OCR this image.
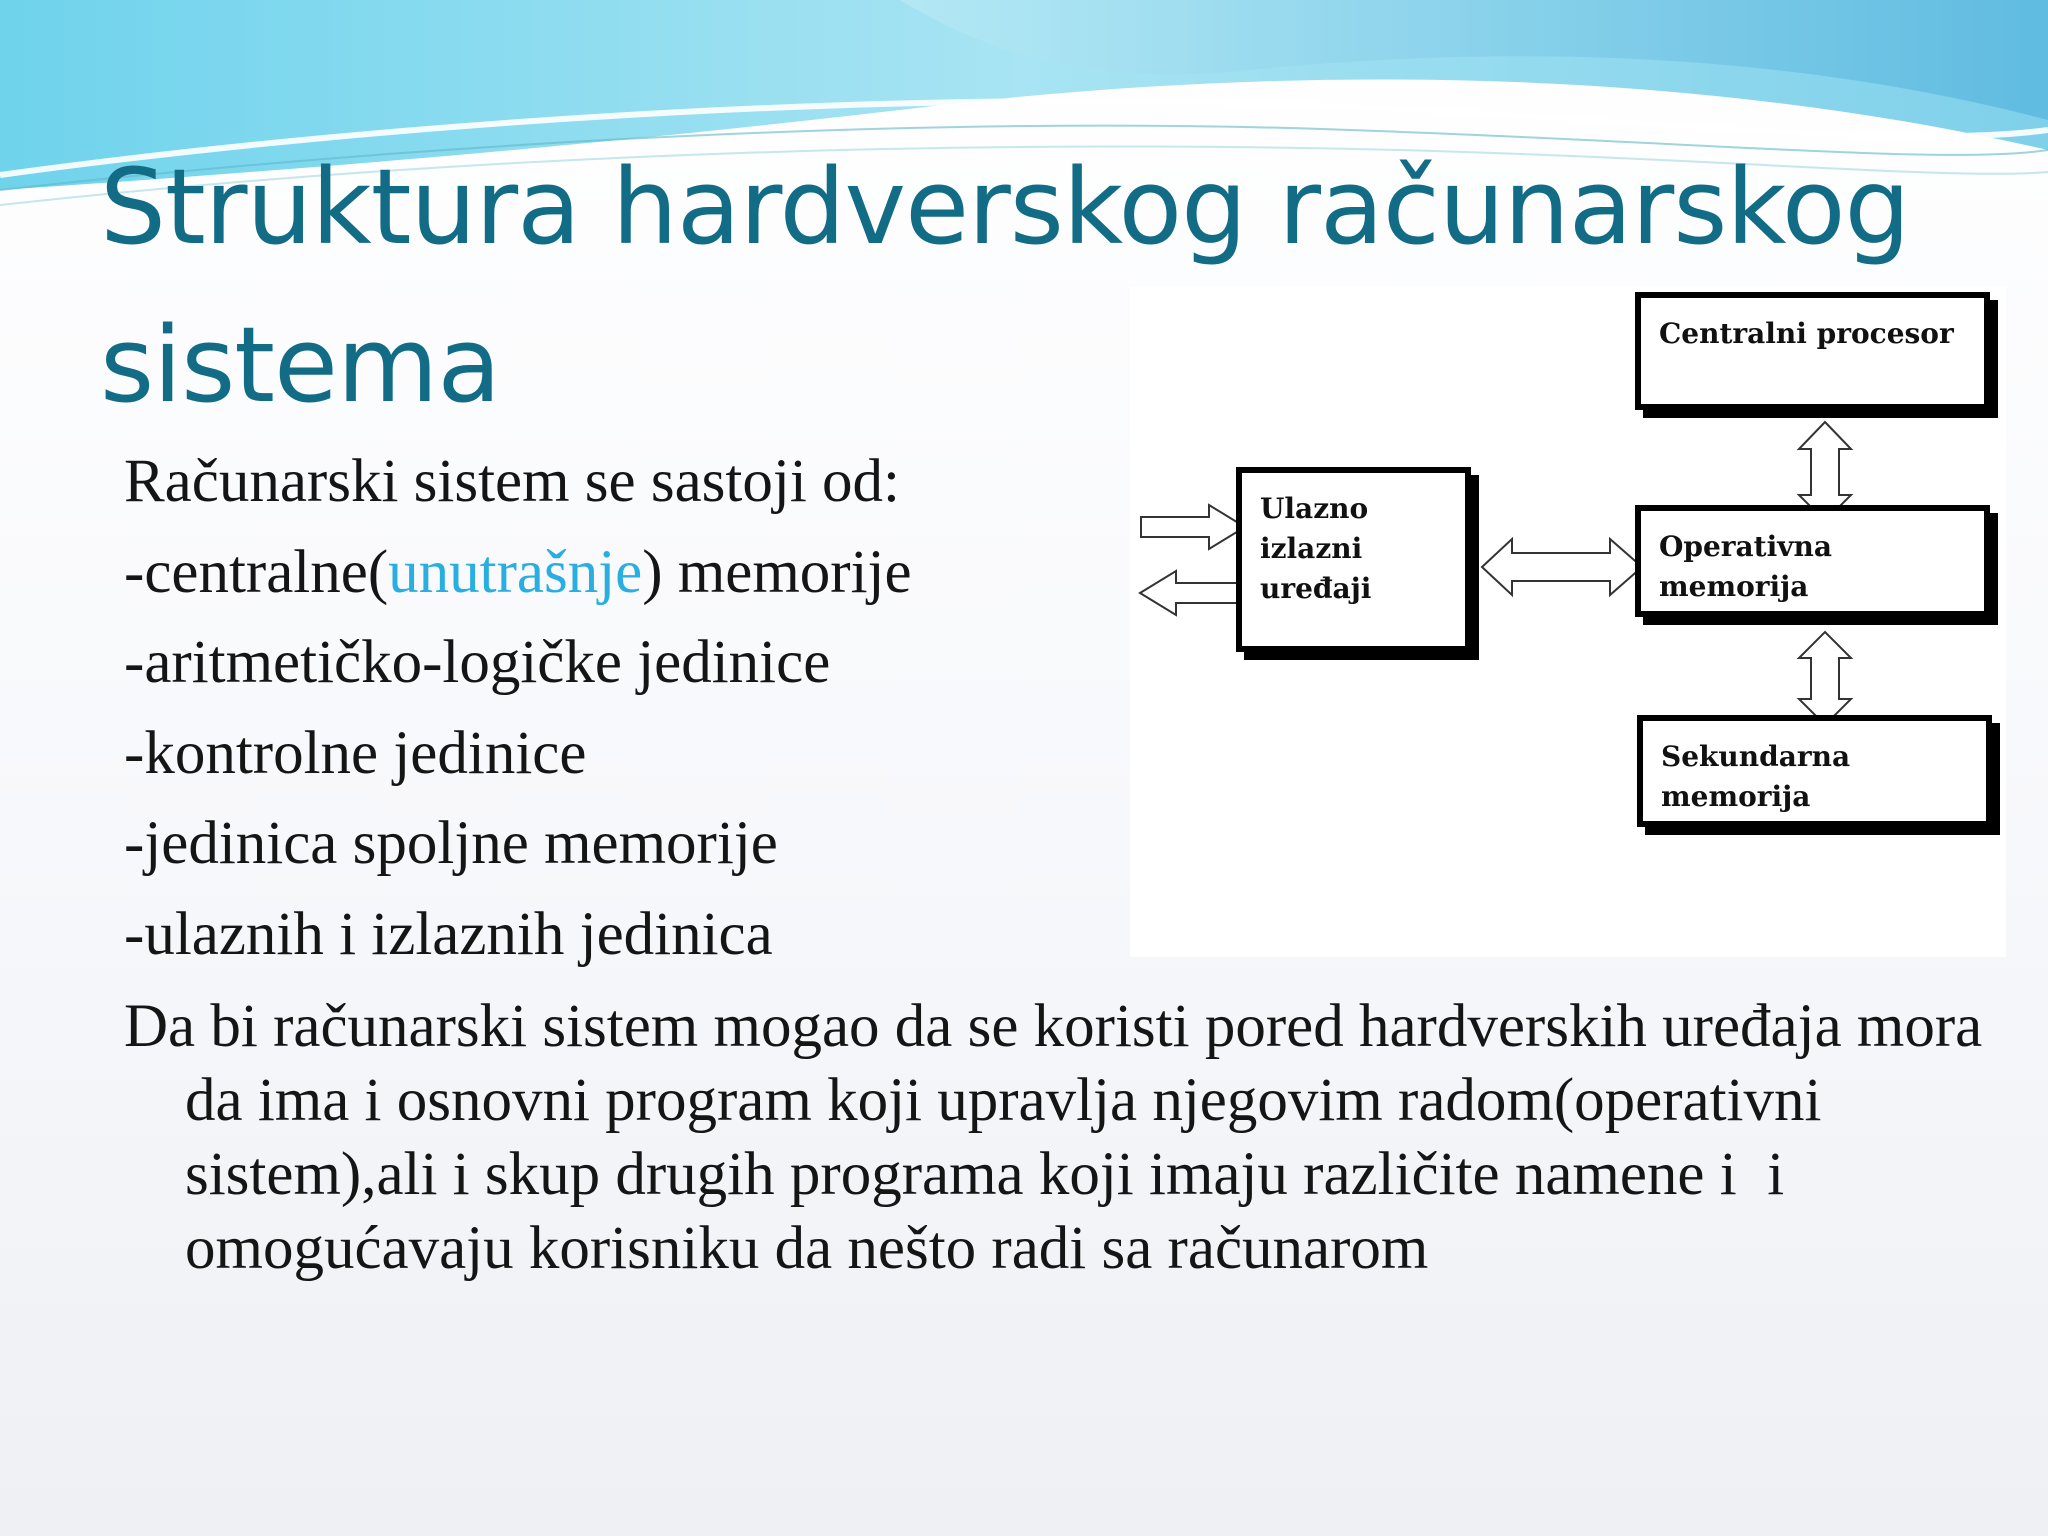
Struktura hardverskog računarskog sistema
Računarski sistem se sastoji od:
-centralne(unutrašnje) memorije
-aritmetičko-logičke jedinice
-kontrolne jedinice
-jedinica spoljne memorije
-ulaznih i izlaznih jedinica
Ulazno
izlazni
uređaji
Centralni procesor
Operativna
memorija
Sekundarna
memorija
Da bi računarski sistem mogao da se koristi pored hardverskih uređaja mora da ima i osnovni program koji upravlja njegovim radom(operativni sistem),ali i skup drugih programa koji imaju različite namene i  i omogućavaju korisniku da nešto radi sa računarom
